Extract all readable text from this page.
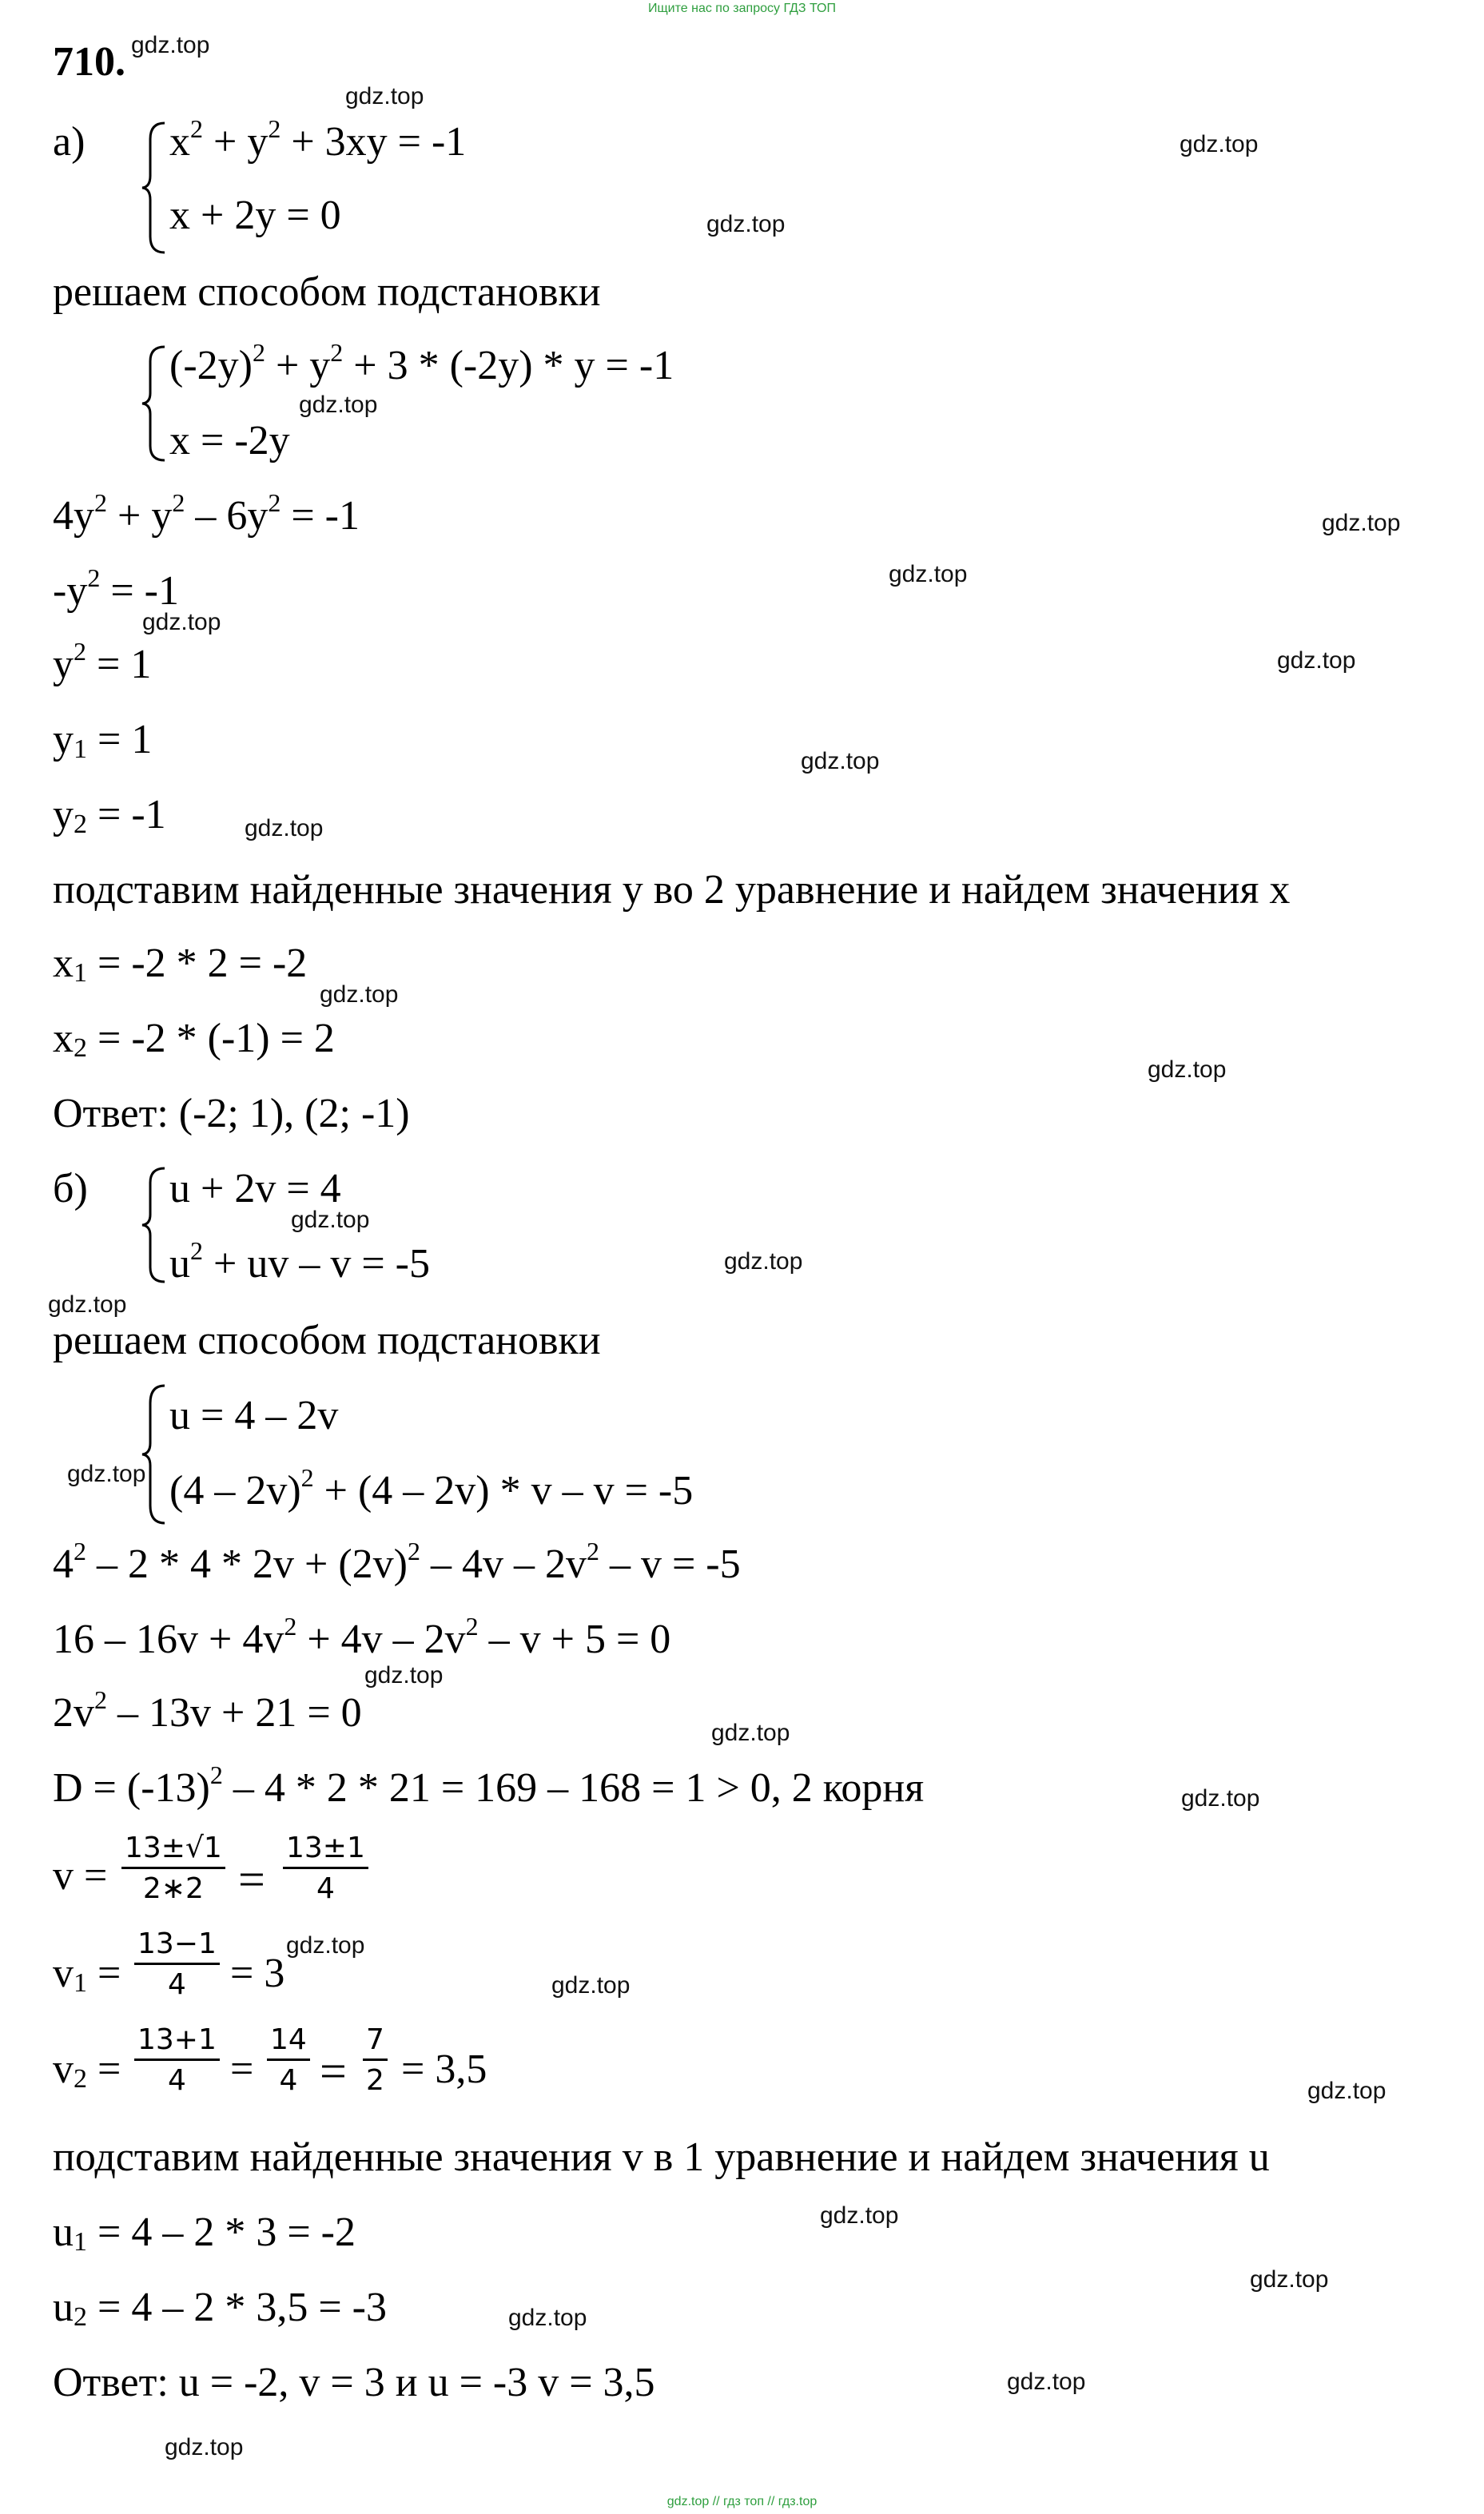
Ищите нас по запросу ГДЗ ТОП
710.
а) $x^2 + y^2 + 3xy = -1$
x + 2y = 0
решаем способом подстановки
$(-2y)^2 + y^2 + 3 * (-2y) * y = -1$
x = -2y
$4y^2 + y^2 - 6y^2 = -1$
$-y^2 = -1$
$y^2 = 1$
$y_1 = 1$
$y_2 = -1$
подставим найденные значения y во 2 уравнение и найдем значения x
$x_1 = -2 * 2 = -2$
$x_2 = -2 * (-1) = 2$
Ответ: (-2; 1), (2; -1)
б) u + 2v = 4
$u^2$ + uv – v = -5
решаем способом подстановки
u = 4 – 2v
(4 – 2v)$^2$ + (4 – 2v) * v – v = -5
$4^2 - 2 * 4 * 2v + (2v)^2 - 4v - 2v^2 - v = -5$
$16 - 16v + 4v^2 + 4v - 2v^2 - v + 5 = 0$
$2v^2 - 13v + 21 = 0$
$D = (-13)^2 - 4 * 2 * 21 = 169 - 168 = 1 > 0$, 2 корня
$v = \frac{13\pm√1}{2∗2} = \frac{13\pm 1}{4}$
$v_1 = \frac{13-1}{4} = 3$
$v_2 = \frac{13+1}{4} = \frac{14}{4} = \frac{7}{2} = 3,5$
подставим найденные значения v в 1 уравнение и найдем значения u
$u_1 = 4 - 2 * 3 = -2$
$u_2 = 4 - 2 * 3,5 = -3$
Ответ: u = -2, v = 3 и u = -3 v = 3,5
gdz.top
gdz.top
gdz.top
gdz.top
gdz.top
gdz.top
gdz.top
gdz.top
gdz.top
gdz.top
gdz.top
gdz.top
gdz.top
gdz.top
gdz.top
gdz.top
gdz.top
gdz.top
gdz.top
gdz.top
gdz.top
gdz.top
gdz.top
gdz.top
gdz.top
gdz.top
gdz.top
gdz.top
gdz.top // гдз топ // гдз.top
